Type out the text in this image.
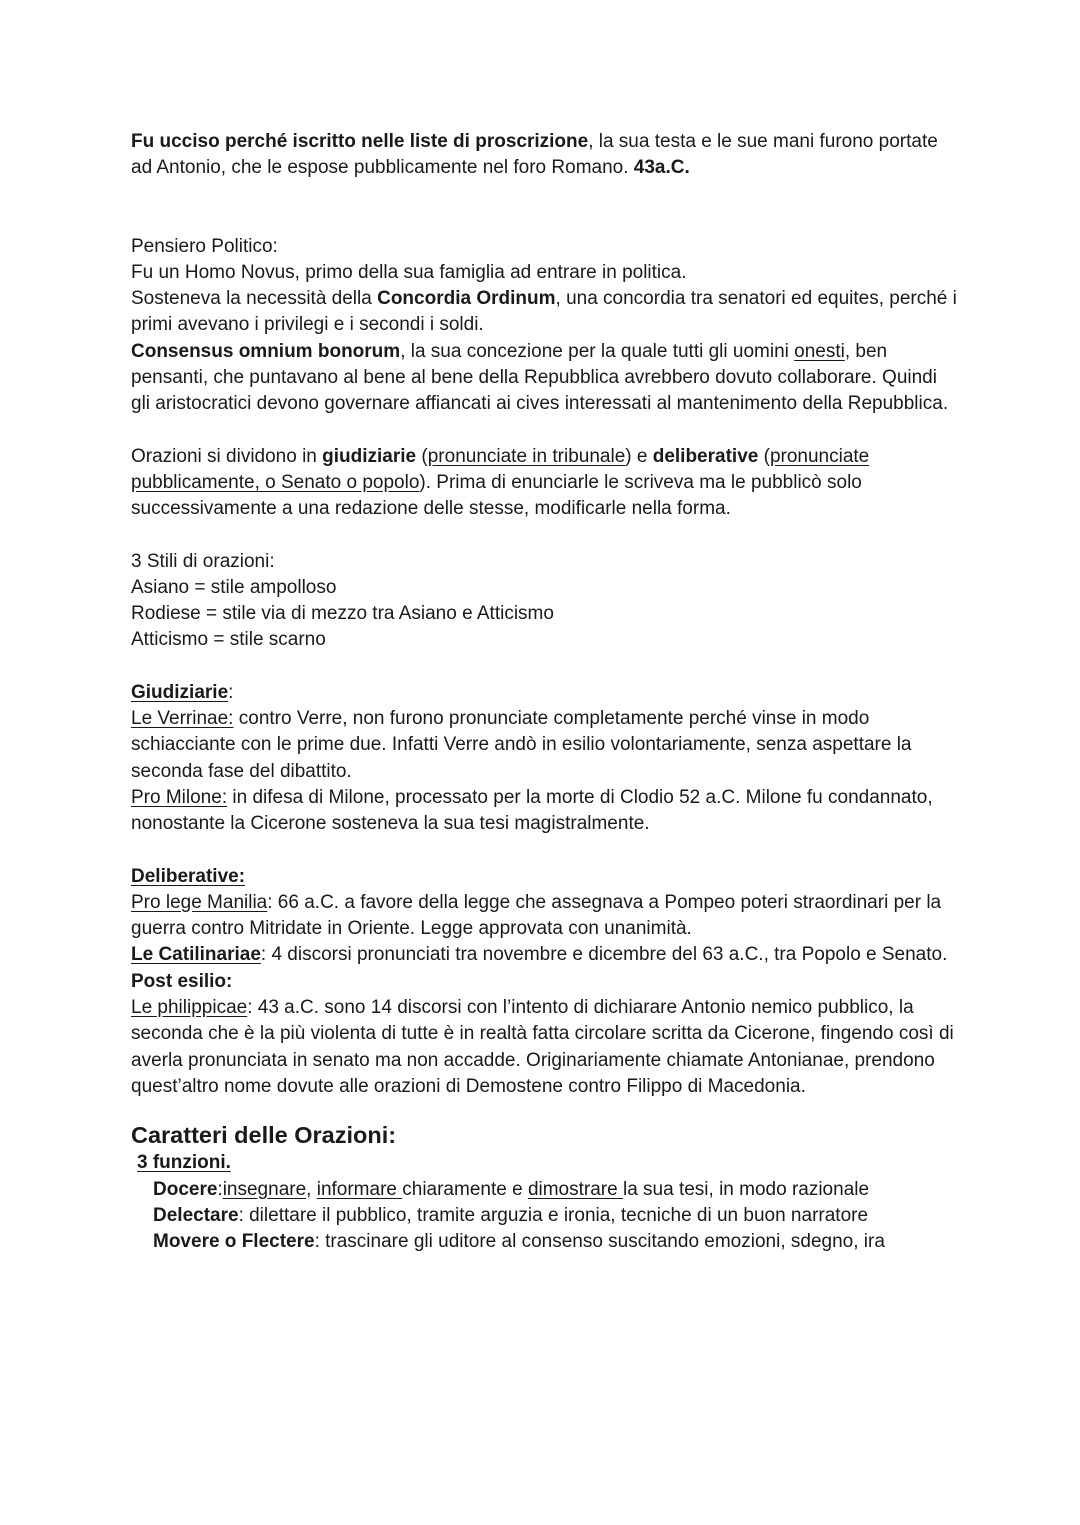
Fu ucciso perché iscritto nelle liste di proscrizione, la sua testa e le sue mani furono portate ad Antonio, che le espose pubblicamente nel foro Romano. 43a.C.

Pensiero Politico:
Fu un Homo Novus, primo della sua famiglia ad entrare in politica.
Sosteneva la necessità della Concordia Ordinum, una concordia tra senatori ed equites, perché i primi avevano i privilegi e i secondi i soldi.
Consensus omnium bonorum, la sua concezione per la quale tutti gli uomini onesti, ben pensanti, che puntavano al bene al bene della Repubblica avrebbero dovuto collaborare. Quindi gli aristocratici devono governare affiancati ai cives interessati al mantenimento della Repubblica.

Orazioni si dividono in giudiziarie (pronunciate in tribunale) e deliberative (pronunciate pubblicamente, o Senato o popolo). Prima di enunciarle le scriveva ma le pubblicò solo successivamente a una redazione delle stesse, modificarle nella forma.

3 Stili di orazioni:
Asiano = stile ampolloso
Rodiese = stile via di mezzo tra Asiano e Atticismo
Atticismo = stile scarno

Giudiziarie:
Le Verrinae: contro Verre, non furono pronunciate completamente perché vinse in modo schiacciante con le prime due. Infatti Verre andò in esilio volontariamente, senza aspettare la seconda fase del dibattito.
Pro Milone: in difesa di Milone, processato per la morte di Clodio 52 a.C. Milone fu condannato, nonostante la Cicerone sosteneva la sua tesi magistralmente.

Deliberative:
Pro lege Manilia: 66 a.C. a favore della legge che assegnava a Pompeo poteri straordinari per la guerra contro Mitridate in Oriente. Legge approvata con unanimità.
Le Catilinariae: 4 discorsi pronunciati tra novembre e dicembre del 63 a.C., tra Popolo e Senato.
Post esilio:
Le philippicae: 43 a.C. sono 14 discorsi con l’intento di dichiarare Antonio nemico pubblico, la seconda che è la più violenta di tutte è in realtà fatta circolare scritta da Cicerone, fingendo così di averla pronunciata in senato ma non accadde. Originariamente chiamate Antonianae, prendono quest’altro nome dovute alle orazioni di Demostene contro Filippo di Macedonia.

Caratteri delle Orazioni:
3 funzioni.
Docere:insegnare, informare chiaramente e dimostrare la sua tesi, in modo razionale
Delectare: dilettare il pubblico, tramite arguzia e ironia, tecniche di un buon narratore
Movere o Flectere: trascinare gli uditore al consenso suscitando emozioni, sdegno, ira
